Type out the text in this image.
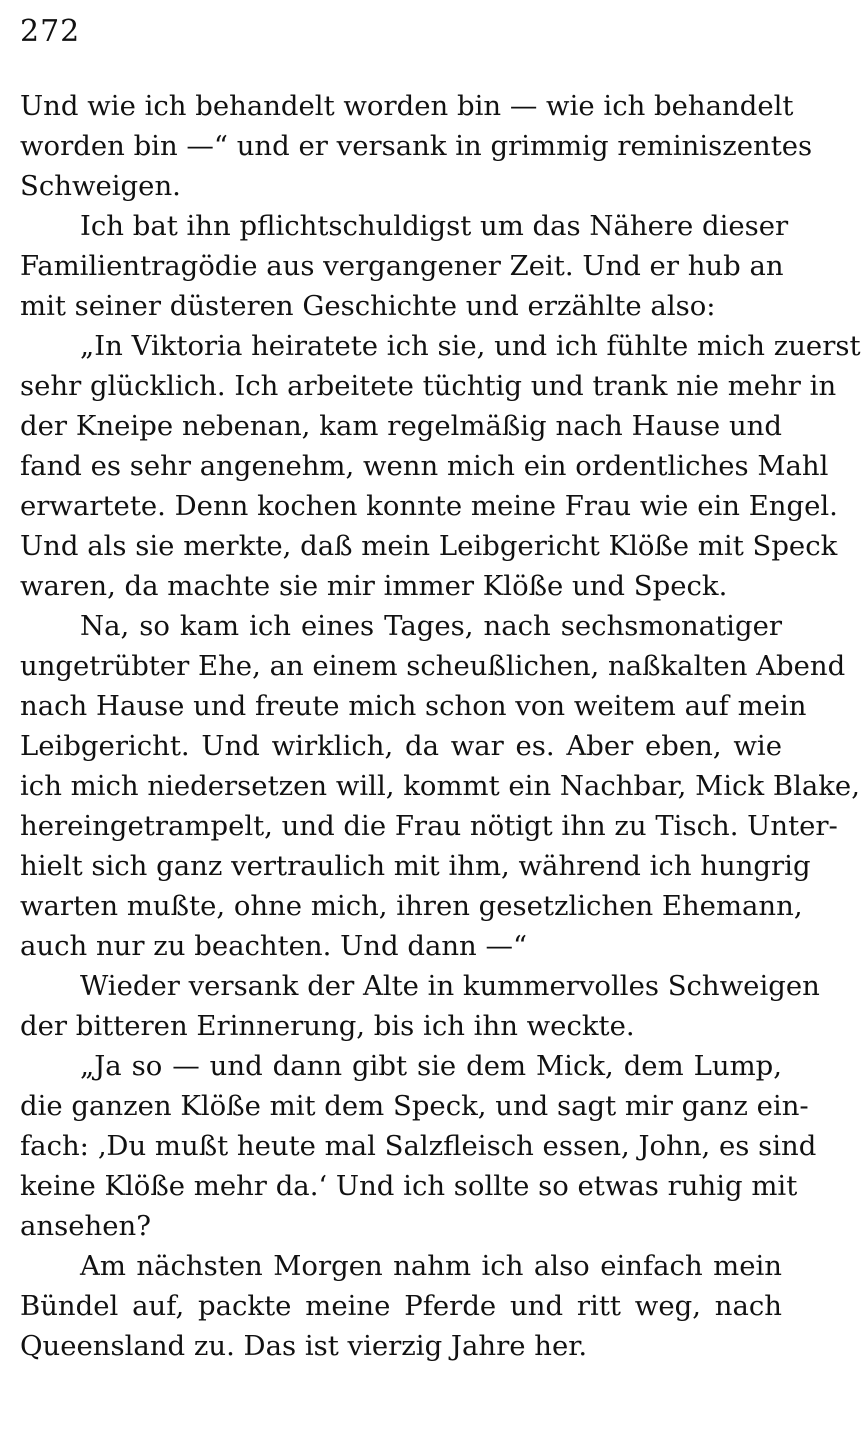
272
Und wie ich behandelt worden bin — wie ich behandelt
worden bin —“ und er versank in grimmig reminiszentes
Schweigen.
Ich bat ihn pflichtschuldigst um das Nähere dieser
Familientragödie aus vergangener Zeit. Und er hub an
mit seiner düsteren Geschichte und erzählte also:
„In Viktoria heiratete ich sie, und ich fühlte mich zuerst
sehr glücklich. Ich arbeitete tüchtig und trank nie mehr in
der Kneipe nebenan, kam regelmäßig nach Hause und
fand es sehr angenehm, wenn mich ein ordentliches Mahl
erwartete. Denn kochen konnte meine Frau wie ein Engel.
Und als sie merkte, daß mein Leibgericht Klöße mit Speck
waren, da machte sie mir immer Klöße und Speck.
Na, so kam ich eines Tages, nach sechsmonatiger
ungetrübter Ehe, an einem scheußlichen, naßkalten Abend
nach Hause und freute mich schon von weitem auf mein
Leibgericht. Und wirklich, da war es. Aber eben, wie
ich mich niedersetzen will, kommt ein Nachbar, Mick Blake,
hereingetrampelt, und die Frau nötigt ihn zu Tisch. Unter-
hielt sich ganz vertraulich mit ihm, während ich hungrig
warten mußte, ohne mich, ihren gesetzlichen Ehemann,
auch nur zu beachten. Und dann —“
Wieder versank der Alte in kummervolles Schweigen
der bitteren Erinnerung, bis ich ihn weckte.
„Ja so — und dann gibt sie dem Mick, dem Lump,
die ganzen Klöße mit dem Speck, und sagt mir ganz ein-
fach: ‚Du mußt heute mal Salzfleisch essen, John, es sind
keine Klöße mehr da.‘ Und ich sollte so etwas ruhig mit
ansehen?
Am nächsten Morgen nahm ich also einfach mein
Bündel auf, packte meine Pferde und ritt weg, nach
Queensland zu. Das ist vierzig Jahre her.
